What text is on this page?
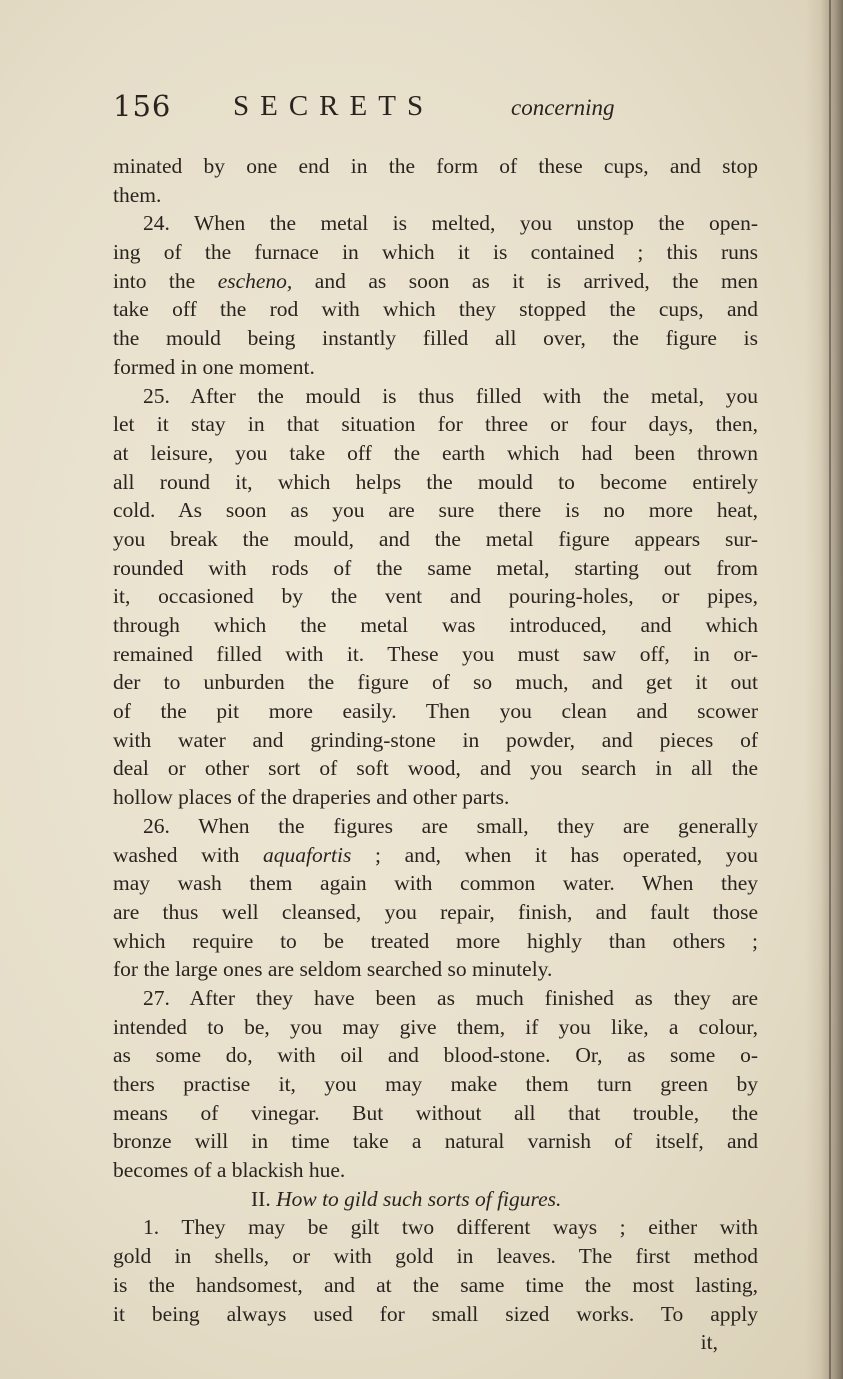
156 SECRETS	concerning
minated by one end in the form of these cups, and stop
them.
24. When the metal is melted, you unstop the open-
ing of the furnace in which it is contained ; this runs
into the escheno, and as soon as it is arrived, the men
take off the rod with which they stopped the cups, and
the mould being instantly filled all over, the figure is
formed in one moment.
25. After the mould is thus filled with the metal, you
let it stay in that situation for three or four days, then,
at leisure, you take off the earth which had been thrown
all round it, which helps the mould to become entirely
cold. As soon as you are sure there is no more heat,
you break the mould, and the metal figure appears sur-
rounded with rods of the same metal, starting out from
it, occasioned by the vent and pouring-holes, or pipes,
through which the metal was introduced, and which
remained filled with it. These you must saw off, in or-
der to unburden the figure of so much, and get it out
of the pit more easily. Then you clean and scower
with water and grinding-stone in powder, and pieces of
deal or other sort of soft wood, and you search in all the
hollow places of the draperies and other parts.
26. When the figures are small, they are generally
washed with aquafortis ; and, when it has operated, you
may wash them again with common water. When they
are thus well cleansed, you repair, finish, and fault those
which require to be treated more highly than others ;
for the large ones are seldom searched so minutely.
27. After they have been as much finished as they are
intended to be, you may give them, if you like, a colour,
as some do, with oil and blood-stone. Or, as some o-
thers practise it, you may make them turn green by
means of vinegar. But without all that trouble, the
bronze will in time take a natural varnish of itself, and
becomes of a blackish hue.
II. How to gild such sorts of figures.
1. They may be gilt two different ways ; either with
gold in shells, or with gold in leaves. The first method
is the handsomest, and at the same time the most lasting,
it being always used for small sized works. To apply
it,
